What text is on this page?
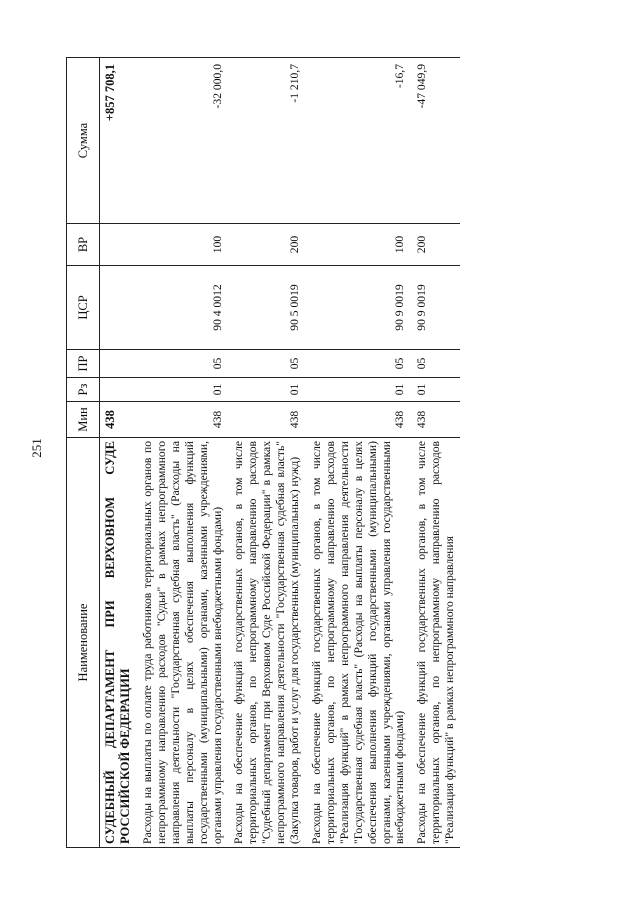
251
Наименование	Мин	Рз	ПР	ЦСР	ВР	Сумма
СУДЕБНЫЙ ДЕПАРТАМЕНТ ПРИ ВЕРХОВНОМ СУДЕ РОССИЙСКОЙ ФЕДЕРАЦИИ	438					+857 708,1
Расходы на выплаты по оплате труда работников территориальных органов по непрограммному направлению расходов "Судьи" в рамках непрограммного направления деятельности "Государственная судебная власть" (Расходы на выплаты персоналу в целях обеспечения выполнения функций государственными (муниципальными) органами, казенными учреждениями, органами управления государственными внебюджетными фондами)	438	01	05	90 4 0012	100	-32 000,0
Расходы на обеспечение функций государственных органов, в том числе территориальных органов, по непрограммному направлению расходов "Судебный департамент при Верховном Суде Российской Федерации" в рамках непрограммного направления деятельности "Государственная судебная власть" (Закупка товаров, работ и услуг для государственных (муниципальных) нужд)	438	01	05	90 5 0019	200	-1 210,7
Расходы на обеспечение функций государственных органов, в том числе территориальных органов, по непрограммному направлению расходов "Реализация функций" в рамках непрограммного направления деятельности "Государственная судебная власть" (Расходы на выплаты персоналу в целях обеспечения выполнения функций государственными (муниципальными) органами, казенными учреждениями, органами управления государственными внебюджетными фондами)	438	01	05	90 9 0019	100	-16,7
Расходы на обеспечение функций государственных органов, в том числе территориальных органов, по непрограммному направлению расходов "Реализация функций" в рамках непрограммного направления	438	01	05	90 9 0019	200	-47 049,9
